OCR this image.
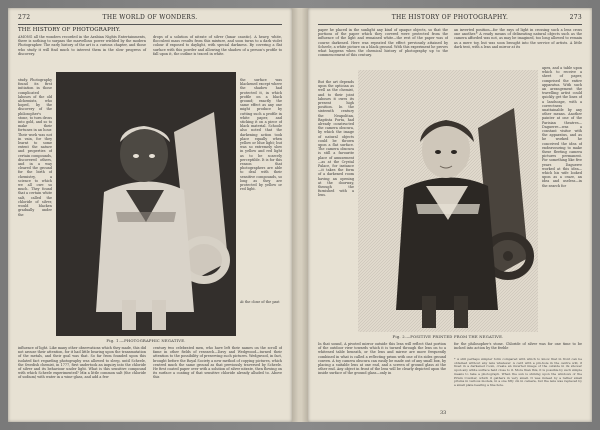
272	THE WORLD OF WONDERS.
THE HISTORY OF PHOTOGRAPHY.
AMONG all the wonders recorded in the Arabian Nights Entertainments, there is nothing to surpass the marvellous power wielded by the modern Photographer. The early history of the art is a curious chapter, and those who study it will find much to interest them in the slow progress of discovery.
drops of a solution of nitrate of silver (lunar caustic). A heavy, white, flocculent mass results from this mixture, and soon turns to a dark violet colour if exposed to daylight, with special darkness. By covering a flat surface with this powder and allowing the shadow of a person's profile to fall upon it, the outline is traced in white.
study. Photography found its first initiation in those complicated labours of the old alchemists, who hoped, by the discovery of the philosopher's stone, to turn dross into gold, and so to make their fortunes in an hour. Their work was not in vain, for they learnt to some extent the nature and properties of certain compounds, discovered others, and in a way cleared the ground for the birth of chemistry, a science to which we all owe so much. They found that a certain white salt, called the chloride of silver, would blacken gradually under the
the surface was blackened except where the shadow had protected it, in which profile on a black ground; exactly the same effect as any one might produce by cutting such a profile in white paper, and sticking it on a piece of black material. Schoole also noted that the darkening action took place equally when yellow or blue light; but was so extremely slow in yellow and red light as to be scarcely perceptible. It is for this reason that photographers are able to deal with their sensitive compounds, so long as they are protected by yellow or red light.
At the close of the past
Fig. 1.—PHOTOGRAPHIC NEGATIVE.
influence of light. Like many other observations which they made, this did not arouse their attention, for it had little bearing upon the transmutation of the metals, and their goal was that. So far from founded upon this isolated fact regarding photography was allowed to sleep, until Scheele, the Swedish chemist, in 1777, first undertook an inquiry into the chloride of silver and its behaviour under light. What is this sensitive compound with which Scheele experimented? Mix a little common salt (the chloride of sodium) with water in a wine-glass, and add a few
century two celebrated men, who have left their names on the scroll of fame in other fields of research—Davy and Wedgwood—turned their attention to the possibility of preserving such pictures. Wedgwood, in fact, brought before the Royal Society a new method of copying pictures, which centred much the same ground as that previously traversed by Scheele. He first coated paper over with a solution of silver nitrate, then flowing on its surface a coating of that sensitive chloride already alluded to. Above this
THE HISTORY OF PHOTOGRAPHY.	273
paper he placed in the sunlight any kind of opaque objects, so that the portions of the paper which they covered were protected from the influence of the light and remained white—the rest of the paper was of course darkened. Here was repeated the effect previously attained by Scheele, a white picture on a black ground. With this experiment he proves what happens when the chemical history of photography up to the commencement of this century.
an inverted position—for the rays of light in crossing such a lens cross one another.* A ready means of delineating natural objects such as the camera afforded was not, as may be imagined, too long allowed to remain as a mere toy, but was soon brought into the service of artists. A little dark tent, with a lens and mirror at its
But the art depends upon the optician as well as the chemist, and to their joint labours it owes its present high position. In the sixteenth century the Neapolitan, Baptista Porta, had already constructed the camera obscura, by which the image of natural objects could be thrown upon a flat surface. The camera obscura is still a favourite place of amusement—as at the Crystal Palace, for instance—it takes the form of a darkened room having an opening at the doorway, through the furnished with a lens.
apex, and a table upon which to receive a sheet of paper, comprised the entire apparatus. With such an arrangement the travelling artist could quickly get the lines of a landscape, with a correctness unattainable by any other means. Another painter at one of the Parisian theatres—Daguerre—was a constant visitor with the apparatus, and as he worked he conceived the idea of endeavouring to make these fleeting camera pictures permanent. For something like five years Daguerre worked at this idea—which his wife looked upon as a craze, an idea and useless—in the search for
Fig. 2.—POSITIVE PRINTED FROM THE NEGATIVE.
In that sound, A pivoted mirror outside this lens will reflect that portion of the outdoor view towards which it is turned through the lens on to a whitened table beneath, or the lens and mirror are more frequently combined in what is called a reflecting prism with one of its sides ground convex. A toy camera obscura can easily be made out of any small box, by placing a suitable lens at one end, and a screen of ground glass at the other end. Any object in front of the lens will be clearly depicted upon the inside surface of the ground glass—only in
for the philosopher's stone. Chloride of silver was for one time to be inched into action by the feeble
* A still perhaps simpler form compared with which to know that in front can be obtained without any lens whatever. A card with a pin-hole in the centre will, if fixed in a darkened room, create an inverted image of the outside in its shower upon any white surface held close to it. More than this, it is possible by such simple means to take a photograph. When the sun is shining upon the windows of the Prism Counter, which it gathers in very small. It was indeed by a rather small prisms in various models, in a one fifty cm in camera, but the lens was replaced by a small plate bearing a fine hole.
33
